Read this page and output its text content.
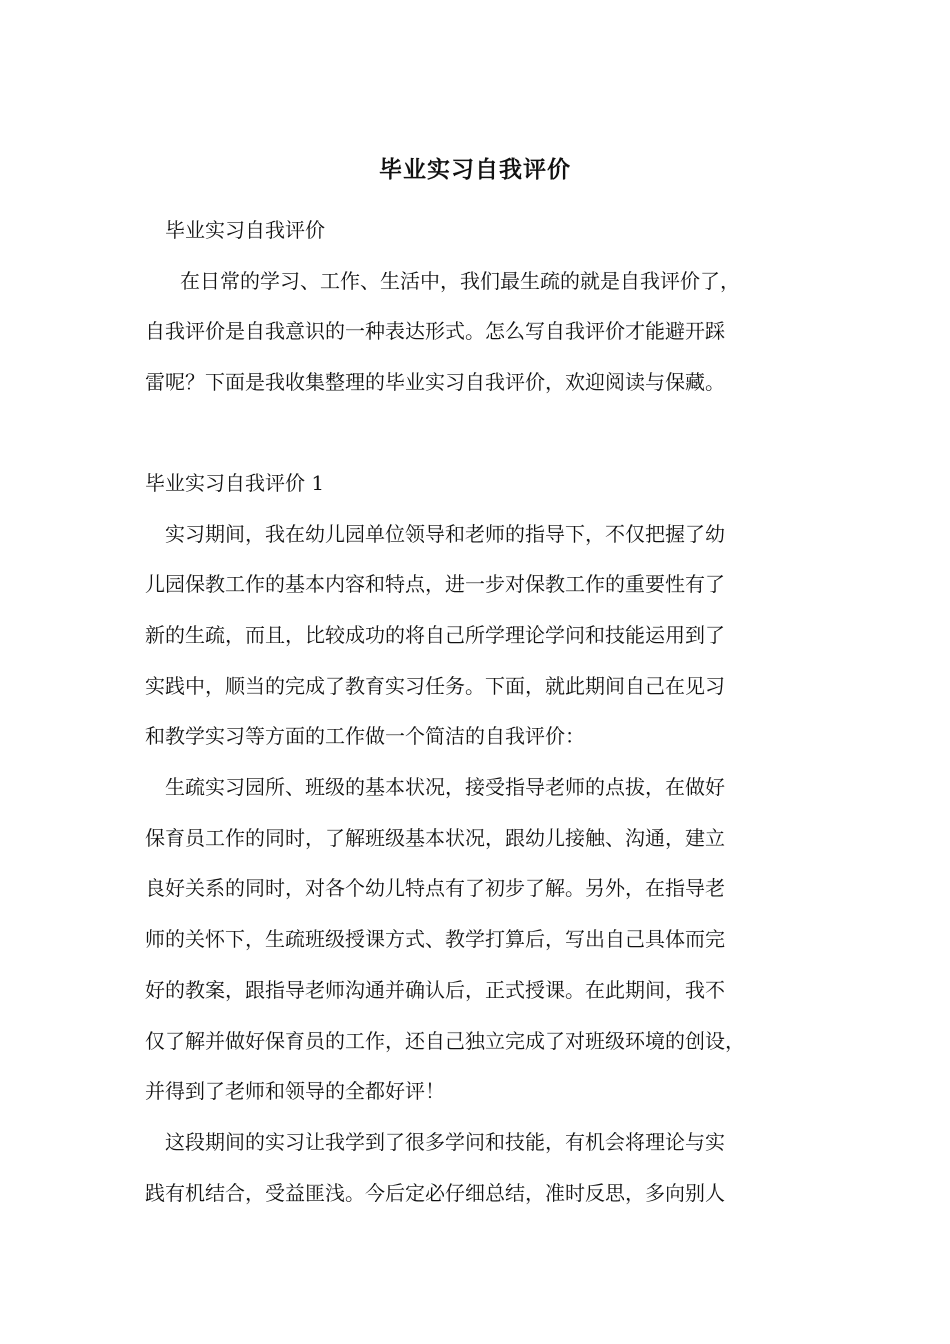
毕业实习自我评价

毕业实习自我评价

在日常的学习、工作、生活中，我们最生疏的就是自我评价了，

自我评价是自我意识的一种表达形式。怎么写自我评价才能避开踩

雷呢？下面是我收集整理的毕业实习自我评价，欢迎阅读与保藏。

毕业实习自我评价 1

实习期间，我在幼儿园单位领导和老师的指导下，不仅把握了幼

儿园保教工作的基本内容和特点，进一步对保教工作的重要性有了

新的生疏，而且，比较成功的将自己所学理论学问和技能运用到了

实践中，顺当的完成了教育实习任务。下面，就此期间自己在见习

和教学实习等方面的工作做一个简洁的自我评价：

生疏实习园所、班级的基本状况，接受指导老师的点拔，在做好

保育员工作的同时，了解班级基本状况，跟幼儿接触、沟通，建立

良好关系的同时，对各个幼儿特点有了初步了解。另外，在指导老

师的关怀下，生疏班级授课方式、教学打算后，写出自己具体而完

好的教案，跟指导老师沟通并确认后，正式授课。在此期间，我不

仅了解并做好保育员的工作，还自己独立完成了对班级环境的创设，

并得到了老师和领导的全都好评！

这段期间的实习让我学到了很多学问和技能，有机会将理论与实

践有机结合，受益匪浅。今后定必仔细总结，准时反思，多向别人
